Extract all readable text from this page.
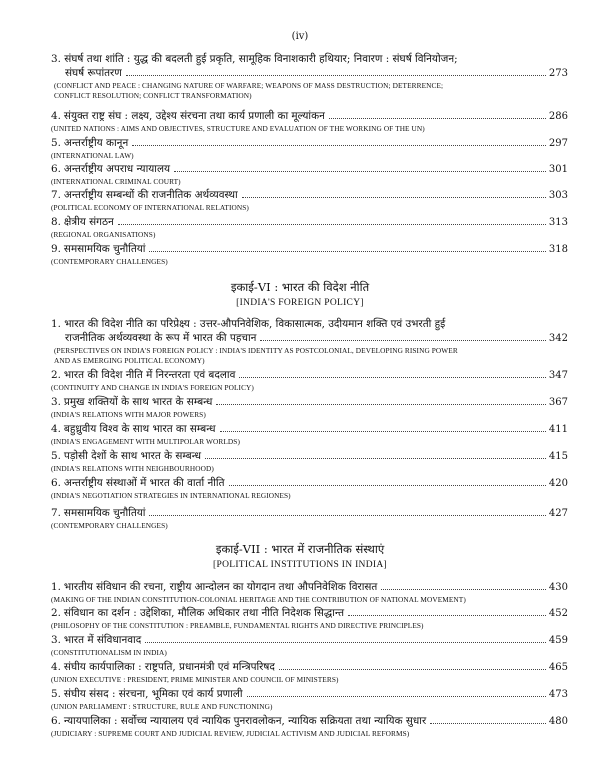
(iv)
3. संघर्ष तथा शांति : युद्ध की बदलती हुई प्रकृति, सामूहिक विनाशकारी हथियार; निवारण : संघर्ष विनियोजन;
संघर्ष रूपांतरण	273
(CONFLICT AND PEACE : CHANGING NATURE OF WARFARE; WEAPONS OF MASS DESTRUCTION; DETERRENCE;
CONFLICT RESOLUTION; CONFLICT TRANSFORMATION)
4. संयुक्त राष्ट्र संघ : लक्ष्य, उद्देश्य संरचना तथा कार्य प्रणाली का मूल्यांकन	286
(UNITED NATIONS : AIMS AND OBJECTIVES, STRUCTURE AND EVALUATION OF THE WORKING OF THE UN)
5. अन्तर्राष्ट्रीय कानून	297
(INTERNATIONAL LAW)
6. अन्तर्राष्ट्रीय अपराध न्यायालय	301
(INTERNATIONAL CRIMINAL COURT)
7. अन्तर्राष्ट्रीय सम्बन्धों की राजनीतिक अर्थव्यवस्था	303
(POLITICAL ECONOMY OF INTERNATIONAL RELATIONS)
8. क्षेत्रीय संगठन	313
(REGIONAL ORGANISATIONS)
9. समसामयिक चुनौतियां	318
(CONTEMPORARY CHALLENGES)
इकाई-VI : भारत की विदेश नीति
[INDIA'S FOREIGN POLICY]
1. भारत की विदेश नीति का परिप्रेक्ष्य : उत्तर-औपनिवेशिक, विकासात्मक, उदीयमान शक्ति एवं उभरती हुई
राजनीतिक अर्थव्यवस्था के रूप में भारत की पहचान	342
(PERSPECTIVES ON INDIA'S FOREIGN POLICY : INDIA'S IDENTITY AS POSTCOLONIAL, DEVELOPING RISING POWER
AND AS EMERGING POLITICAL ECONOMY)
2. भारत की विदेश नीति में निरन्तरता एवं बदलाव	347
(CONTINUITY AND CHANGE IN INDIA'S FOREIGN POLICY)
3. प्रमुख शक्तियों के साथ भारत के सम्बन्ध	367
(INDIA'S RELATIONS WITH MAJOR POWERS)
4. बहुध्रुवीय विश्व के साथ भारत का सम्बन्ध	411
(INDIA'S ENGAGEMENT WITH MULTIPOLAR WORLDS)
5. पड़ोसी देशों के साथ भारत के सम्बन्ध	415
(INDIA'S RELATIONS WITH NEIGHBOURHOOD)
6. अन्तर्राष्ट्रीय संस्थाओं में भारत की वार्ता नीति	420
(INDIA'S NEGOTIATION STRATEGIES IN INTERNATIONAL REGIONES)
7. समसामयिक चुनौतियां	427
(CONTEMPORARY CHALLENGES)
इकाई-VII : भारत में राजनीतिक संस्थाएं
[POLITICAL INSTITUTIONS IN INDIA]
1. भारतीय संविधान की रचना, राष्ट्रीय आन्दोलन का योगदान तथा औपनिवेशिक विरासत	430
(MAKING OF THE INDIAN CONSTITUTION-COLONIAL HERITAGE AND THE CONTRIBUTION OF NATIONAL MOVEMENT)
2. संविधान का दर्शन : उद्देशिका, मौलिक अधिकार तथा नीति निदेशक सिद्धान्त	452
(PHILOSOPHY OF THE CONSTITUTION : PREAMBLE, FUNDAMENTAL RIGHTS AND DIRECTIVE PRINCIPLES)
3. भारत में संविधानवाद	459
(CONSTITUTIONALISM IN INDIA)
4. संघीय कार्यपालिका : राष्ट्रपति, प्रधानमंत्री एवं मन्त्रिपरिषद	465
(UNION EXECUTIVE : PRESIDENT, PRIME MINISTER AND COUNCIL OF MINISTERS)
5. संघीय संसद : संरचना, भूमिका एवं कार्य प्रणाली	473
(UNION PARLIAMENT : STRUCTURE, RULE AND FUNCTIONING)
6. न्यायपालिका : सर्वोच्च न्यायालय एवं न्यायिक पुनरावलोकन, न्यायिक सक्रियता तथा न्यायिक सुधार	480
(JUDICIARY : SUPREME COURT AND JUDICIAL REVIEW, JUDICIAL ACTIVISM AND JUDICIAL REFORMS)
